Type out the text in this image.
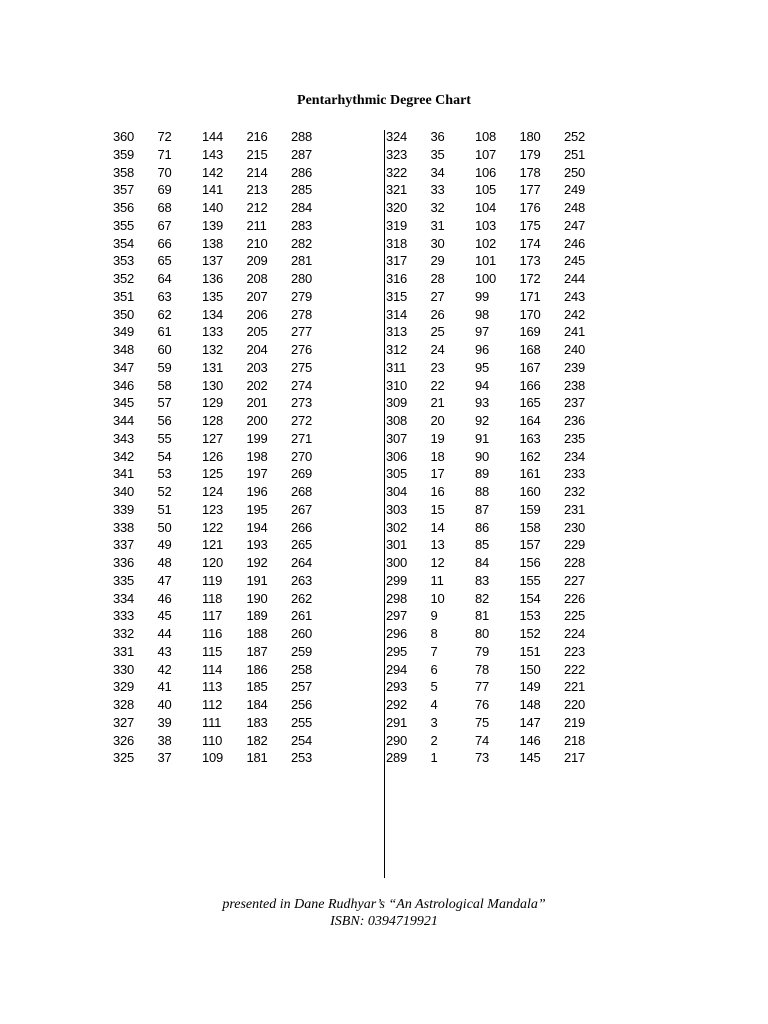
Pentarhythmic Degree Chart
360	72	144	216	288
359	71	143	215	287
358	70	142	214	286
357	69	141	213	285
356	68	140	212	284
355	67	139	211	283
354	66	138	210	282
353	65	137	209	281
352	64	136	208	280
351	63	135	207	279
350	62	134	206	278
349	61	133	205	277
348	60	132	204	276
347	59	131	203	275
346	58	130	202	274
345	57	129	201	273
344	56	128	200	272
343	55	127	199	271
342	54	126	198	270
341	53	125	197	269
340	52	124	196	268
339	51	123	195	267
338	50	122	194	266
337	49	121	193	265
336	48	120	192	264
335	47	119	191	263
334	46	118	190	262
333	45	117	189	261
332	44	116	188	260
331	43	115	187	259
330	42	114	186	258
329	41	113	185	257
328	40	112	184	256
327	39	111	183	255
326	38	110	182	254
325	37	109	181	253
324	36	108	180	252
323	35	107	179	251
322	34	106	178	250
321	33	105	177	249
320	32	104	176	248
319	31	103	175	247
318	30	102	174	246
317	29	101	173	245
316	28	100	172	244
315	27	99	171	243
314	26	98	170	242
313	25	97	169	241
312	24	96	168	240
311	23	95	167	239
310	22	94	166	238
309	21	93	165	237
308	20	92	164	236
307	19	91	163	235
306	18	90	162	234
305	17	89	161	233
304	16	88	160	232
303	15	87	159	231
302	14	86	158	230
301	13	85	157	229
300	12	84	156	228
299	11	83	155	227
298	10	82	154	226
297	9	81	153	225
296	8	80	152	224
295	7	79	151	223
294	6	78	150	222
293	5	77	149	221
292	4	76	148	220
291	3	75	147	219
290	2	74	146	218
289	1	73	145	217
presented in Dane Rudhyar’s “An Astrological Mandala”
ISBN: 0394719921
